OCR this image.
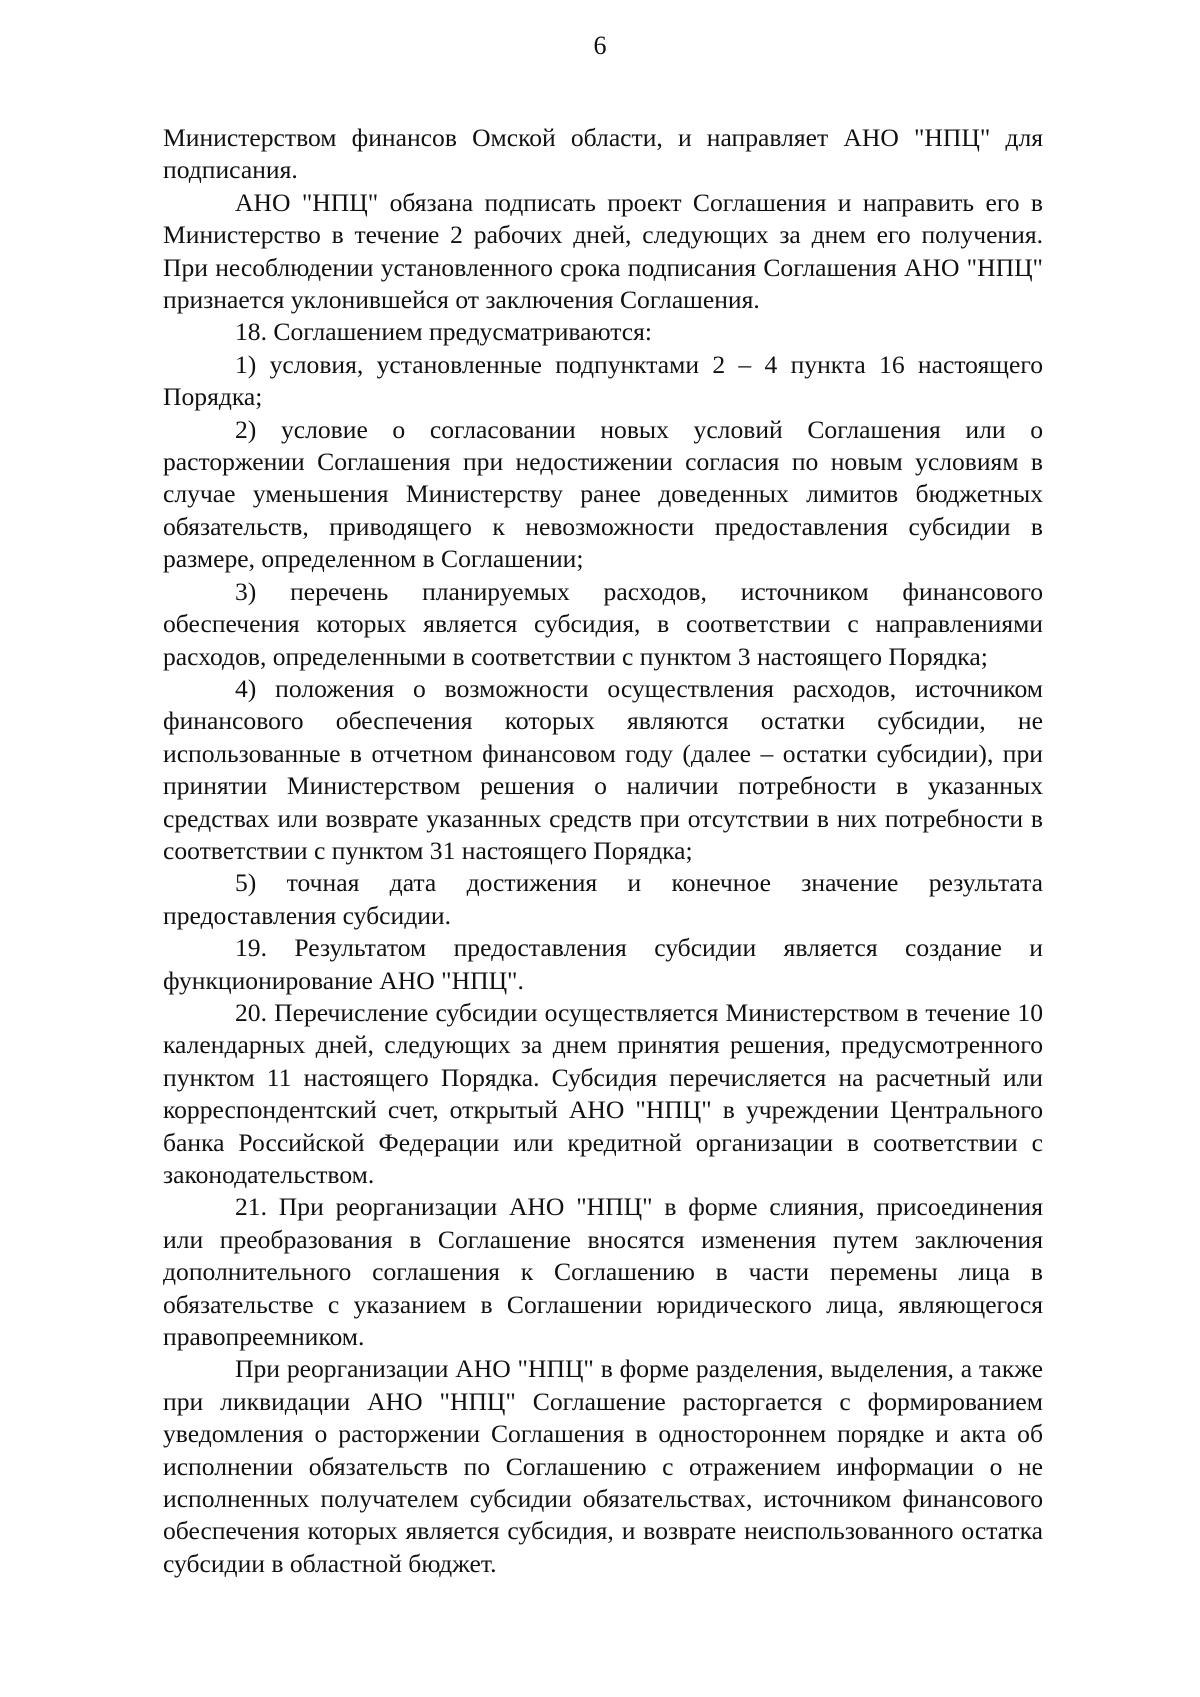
6

Министерством финансов Омской области, и направляет АНО "НПЦ" для подписания.

АНО "НПЦ" обязана подписать проект Соглашения и направить его в Министерство в течение 2 рабочих дней, следующих за днем его получения. При несоблюдении установленного срока подписания Соглашения АНО "НПЦ" признается уклонившейся от заключения Соглашения.

18. Соглашением предусматриваются:

1) условия, установленные подпунктами 2 – 4 пункта 16 настоящего Порядка;

2) условие о согласовании новых условий Соглашения или о расторжении Соглашения при недостижении согласия по новым условиям в случае уменьшения Министерству ранее доведенных лимитов бюджетных обязательств, приводящего к невозможности предоставления субсидии в размере, определенном в Соглашении;

3) перечень планируемых расходов, источником финансового обеспечения которых является субсидия, в соответствии с направлениями расходов, определенными в соответствии с пунктом 3 настоящего Порядка;

4) положения о возможности осуществления расходов, источником финансового обеспечения которых являются остатки субсидии, не использованные в отчетном финансовом году (далее – остатки субсидии), при принятии Министерством решения о наличии потребности в указанных средствах или возврате указанных средств при отсутствии в них потребности в соответствии с пунктом 31 настоящего Порядка;

5) точная дата достижения и конечное значение результата предоставления субсидии.

19. Результатом предоставления субсидии является создание и функционирование АНО "НПЦ".

20. Перечисление субсидии осуществляется Министерством в течение 10 календарных дней, следующих за днем принятия решения, предусмотренного пунктом 11 настоящего Порядка. Субсидия перечисляется на расчетный или корреспондентский счет, открытый АНО "НПЦ" в учреждении Центрального банка Российской Федерации или кредитной организации в соответствии с законодательством.

21. При реорганизации АНО "НПЦ" в форме слияния, присоединения или преобразования в Соглашение вносятся изменения путем заключения дополнительного соглашения к Соглашению в части перемены лица в обязательстве с указанием в Соглашении юридического лица, являющегося правопреемником.

При реорганизации АНО "НПЦ" в форме разделения, выделения, а также при ликвидации АНО "НПЦ" Соглашение расторгается с формированием уведомления о расторжении Соглашения в одностороннем порядке и акта об исполнении обязательств по Соглашению с отражением информации о не исполненных получателем субсидии обязательствах, источником финансового обеспечения которых является субсидия, и возврате неиспользованного остатка субсидии в областной бюджет.
